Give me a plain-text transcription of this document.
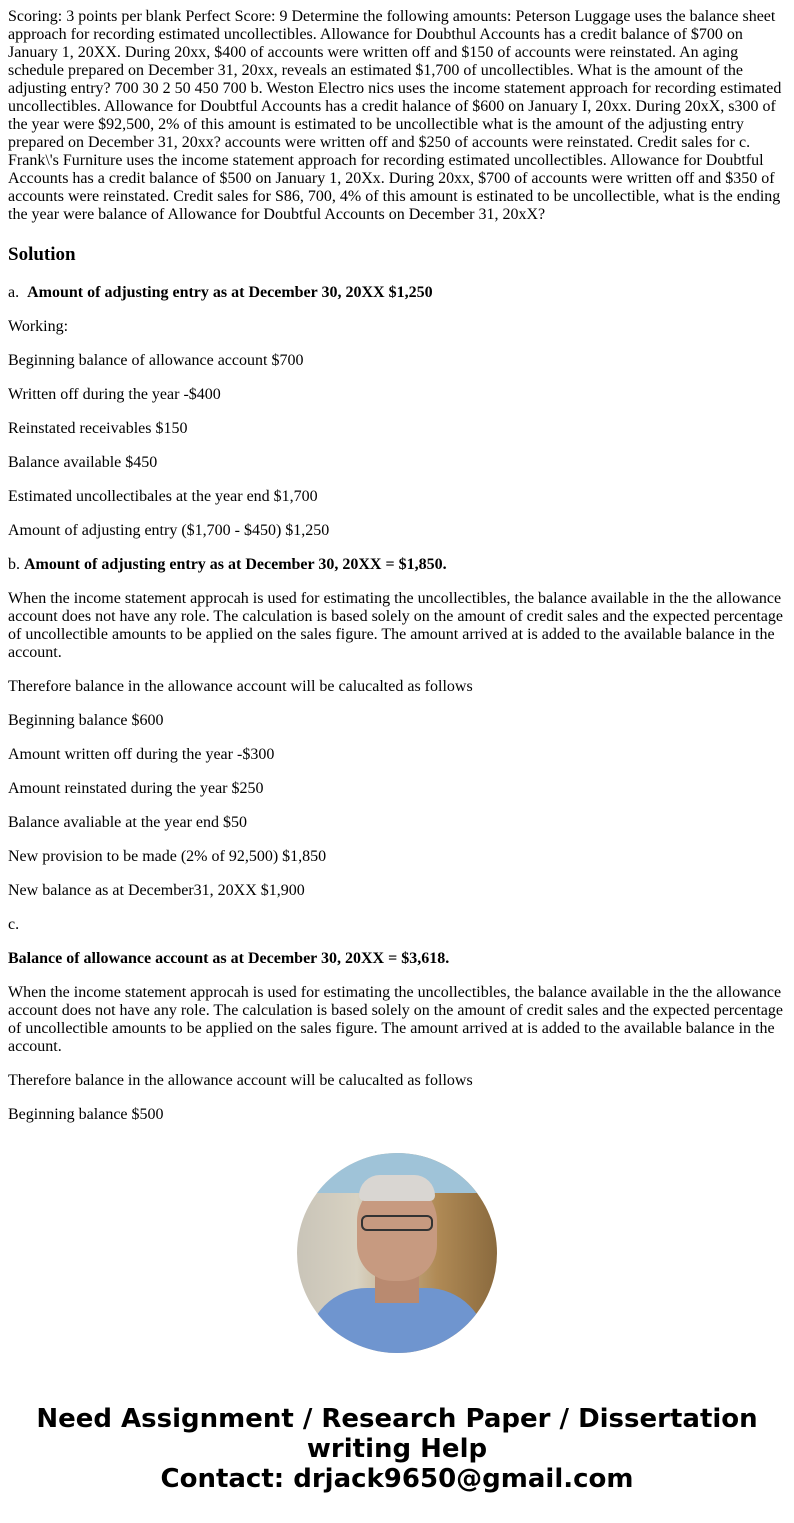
Scoring: 3 points per blank Perfect Score: 9 Determine the following amounts: Peterson Luggage uses the balance sheet approach for recording estimated uncollectibles. Allowance for Doubthul Accounts has a credit balance of $700 on January 1, 20XX. During 20xx, $400 of accounts were written off and $150 of accounts were reinstated. An aging schedule prepared on December 31, 20xx, reveals an estimated $1,700 of uncollectibles. What is the amount of the adjusting entry? 700 30 2 50 450 700 b. Weston Electro nics uses the income statement approach for recording estimated uncollectibles. Allowance for Doubtful Accounts has a credit halance of $600 on January I, 20xx. During 20xX, s300 of the year were $92,500, 2% of this amount is estimated to be uncollectible what is the amount of the adjusting entry prepared on December 31, 20xx? accounts were written off and $250 of accounts were reinstated. Credit sales for c. Frank\'s Furniture uses the income statement approach for recording estimated uncollectibles. Allowance for Doubtful Accounts has a credit balance of $500 on January 1, 20Xx. During 20xx, $700 of accounts were written off and $350 of accounts were reinstated. Credit sales for S86, 700, 4% of this amount is estinated to be uncollectible, what is the ending the year were balance of Allowance for Doubtful Accounts on December 31, 20xX?

Solution

a.  Amount of adjusting entry as at December 30, 20XX $1,250

Working:

Beginning balance of allowance account $700

Written off during the year -$400

Reinstated receivables $150

Balance available $450

Estimated uncollectibales at the year end $1,700

Amount of adjusting entry ($1,700 - $450) $1,250

b. Amount of adjusting entry as at December 30, 20XX = $1,850.

When the income statement approcah is used for estimating the uncollectibles, the balance available in the the allowance account does not have any role. The calculation is based solely on the amount of credit sales and the expected percentage of uncollectible amounts to be applied on the sales figure. The amount arrived at is added to the available balance in the account.

Therefore balance in the allowance account will be calucalted as follows

Beginning balance $600

Amount written off during the year -$300

Amount reinstated during the year $250

Balance avaliable at the year end $50

New provision to be made (2% of 92,500) $1,850

New balance as at December31, 20XX $1,900

c.

Balance of allowance account as at December 30, 20XX = $3,618.

When the income statement approcah is used for estimating the uncollectibles, the balance available in the the allowance account does not have any role. The calculation is based solely on the amount of credit sales and the expected percentage of uncollectible amounts to be applied on the sales figure. The amount arrived at is added to the available balance in the account.

Therefore balance in the allowance account will be calucalted as follows

Beginning balance $500

Need Assignment / Research Paper / Dissertation writing Help
Contact: drjack9650@gmail.com
